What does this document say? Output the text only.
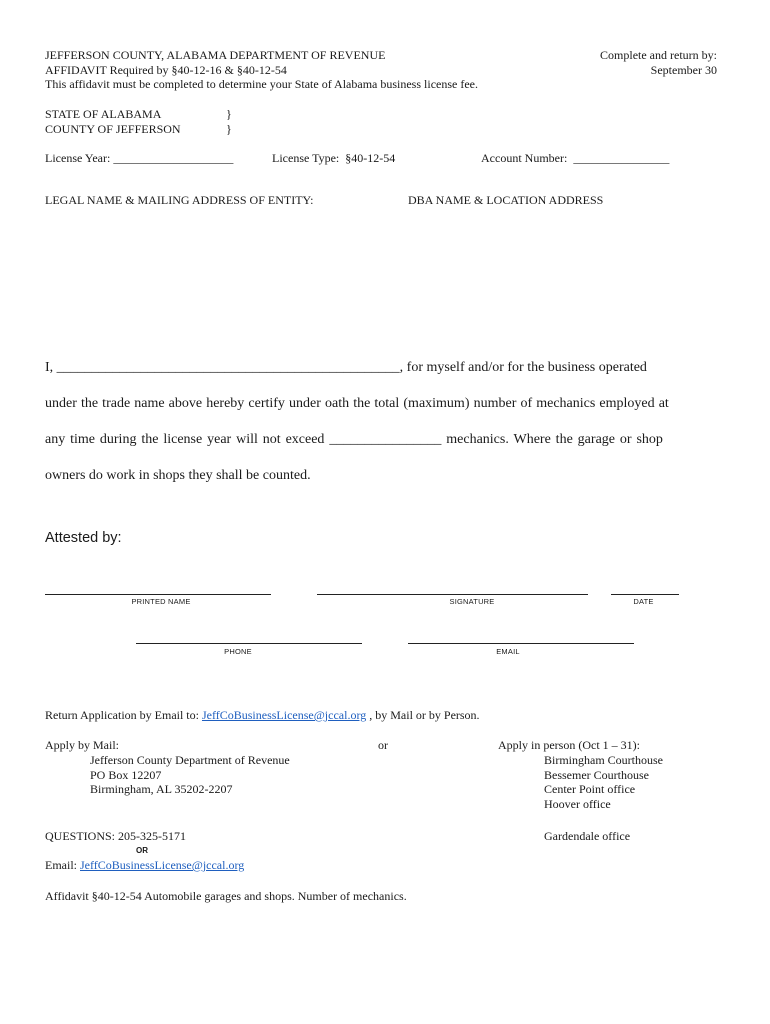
JEFFERSON COUNTY, ALABAMA DEPARTMENT OF REVENUE
AFFIDAVIT Required by §40-12-16 & §40-12-54
This affidavit must be completed to determine your State of Alabama business license fee.
Complete and return by:
September 30
STATE OF ALABAMA
COUNTY OF JEFFERSON
}
}
License Year: ____________________	License Type: §40-12-54	Account Number: ________________
LEGAL NAME & MAILING ADDRESS OF ENTITY:	DBA NAME & LOCATION ADDRESS
I, _________________________________________________, for myself and/or for the business operated
under the trade name above hereby certify under oath the total (maximum) number of mechanics employed at
any time during the license year will not exceed ________________ mechanics. Where the garage or shop
owners do work in shops they shall be counted.
Attested by:
PRINTED NAME	SIGNATURE	DATE
PHONE	EMAIL
Return Application by Email to: JeffCoBusinessLicense@jccal.org , by Mail or by Person.
Apply by Mail:
Jefferson County Department of Revenue
PO Box 12207
Birmingham, AL 35202-2207
or	Apply in person (Oct 1 – 31):
Birmingham Courthouse
Bessemer Courthouse
Center Point office
Hoover office
Gardendale office
QUESTIONS: 205-325-5171
OR
Email: JeffCoBusinessLicense@jccal.org
Affidavit §40-12-54 Automobile garages and shops. Number of mechanics.
